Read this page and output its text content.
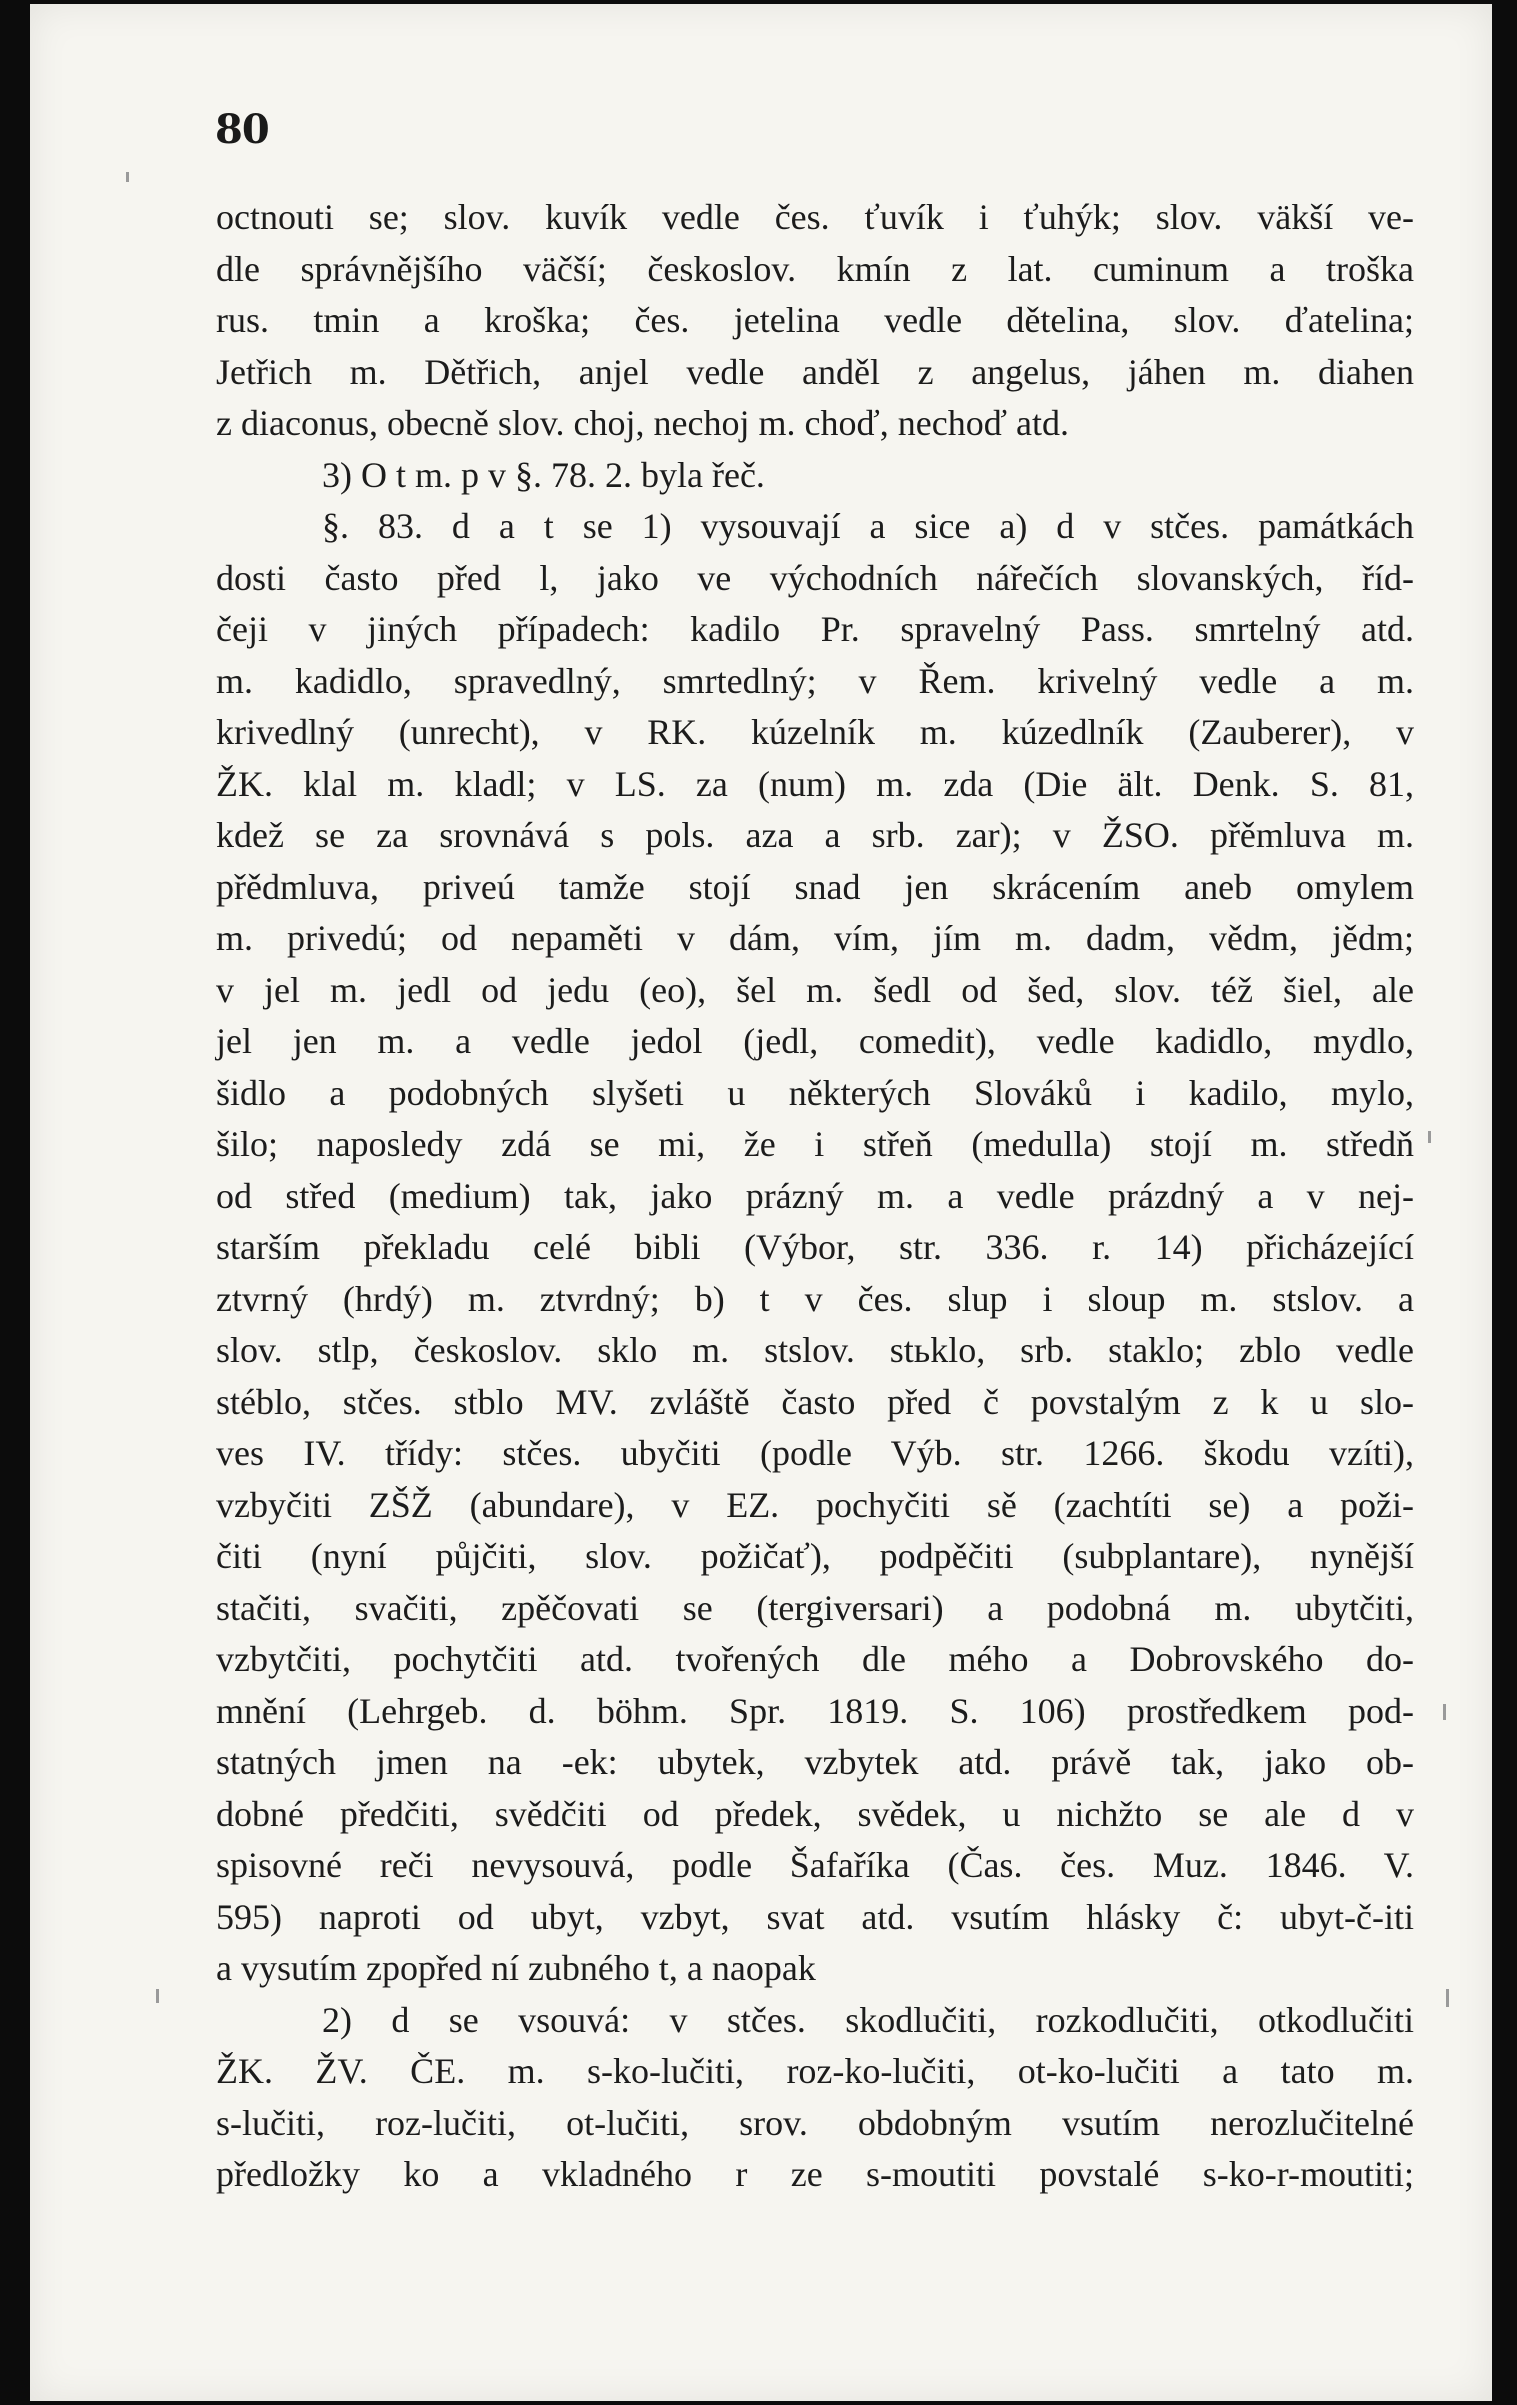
80
octnouti se; slov. kuvík vedle čes. ťuvík i ťuhýk; slov. väkší ve-
dle správnějšího väčší; českoslov. kmín z lat. cuminum a troška
rus. tmin a kroška; čes. jetelina vedle dětelina, slov. ďatelina;
Jetřich m. Dětřich, anjel vedle anděl z angelus, jáhen m. diahen
z diaconus, obecně slov. choj, nechoj m. choď, nechoď atd.
3) O t m. p v §. 78. 2. byla řeč.
§. 83. d a t se 1) vysouvají a sice a) d v stčes. památkách
dosti často před l, jako ve východních nářečích slovanských, říd-
čeji v jiných případech: kadilo Pr. spravelný Pass. smrtelný atd.
m. kadidlo, spravedlný, smrtedlný; v Řem. krivelný vedle a m.
krivedlný (unrecht), v RK. kúzelník m. kúzedlník (Zauberer), v
ŽK. klal m. kladl; v LS. za (num) m. zda (Die ält. Denk. S. 81,
kdež se za srovnává s pols. aza a srb. zar); v ŽSO. přěmluva m.
přědmluva, priveú tamže stojí snad jen skrácením aneb omylem
m. privedú; od nepaměti v dám, vím, jím m. dadm, vědm, jědm;
v jel m. jedl od jedu (eo), šel m. šedl od šed, slov. též šiel, ale
jel jen m. a vedle jedol (jedl, comedit), vedle kadidlo, mydlo,
šidlo a podobných slyšeti u některých Slováků i kadilo, mylo,
šilo; naposledy zdá se mi, že i střeň (medulla) stojí m. středň
od střed (medium) tak, jako prázný m. a vedle prázdný a v nej-
starším překladu celé bibli (Výbor, str. 336. r. 14) přicházející
ztvrný (hrdý) m. ztvrdný; b) t v čes. slup i sloup m. stslov. a
slov. stlp, českoslov. sklo m. stslov. stьklo, srb. staklo; zblo vedle
stéblo, stčes. stblo MV. zvláště často před č povstalým z k u slo-
ves IV. třídy: stčes. ubyčiti (podle Výb. str. 1266. škodu vzíti),
vzbyčiti ZŠŽ (abundare), v EZ. pochyčiti sě (zachtíti se) a poži-
čiti (nyní půjčiti, slov. požičať), podpěčiti (subplantare), nynější
stačiti, svačiti, zpěčovati se (tergiversari) a podobná m. ubytčiti,
vzbytčiti, pochytčiti atd. tvořených dle mého a Dobrovského do-
mnění (Lehrgeb. d. böhm. Spr. 1819. S. 106) prostředkem pod-
statných jmen na -ek: ubytek, vzbytek atd. právě tak, jako ob-
dobné předčiti, svědčiti od předek, svědek, u nichžto se ale d v
spisovné reči nevysouvá, podle Šafaříka (Čas. čes. Muz. 1846. V.
595) naproti od ubyt, vzbyt, svat atd. vsutím hlásky č: ubyt-č-iti
a vysutím zpopřed ní zubného t, a naopak
2) d se vsouvá: v stčes. skodlučiti, rozkodlučiti, otkodlučiti
ŽK. ŽV. ČE. m. s-ko-lučiti, roz-ko-lučiti, ot-ko-lučiti a tato m.
s-lučiti, roz-lučiti, ot-lučiti, srov. obdobným vsutím nerozlučitelné
předložky ko a vkladného r ze s-moutiti povstalé s-ko-r-moutiti;
